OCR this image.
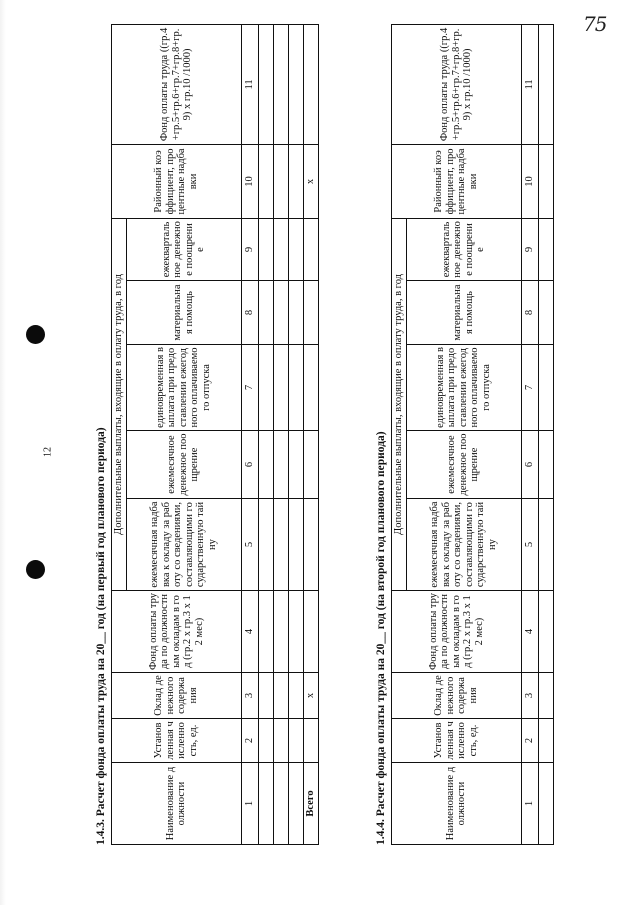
75
12	1.4.3. Расчет фонда оплаты труда на 20__ год (на первый год планового периода)	Наименование должности	Установленная численность, ед.	Оклад денежного содержания	Фонд оплаты труда по должностным окладам в год (гр.2 х гр.3 х 12 мес)	Дополнительные выплаты, входящие в оплату труда, в год					Районный коэффициент, процентные надбавки	Фонд оплаты труда ((гр.4+гр.5+гр.6+гр.7+гр.8+гр.9) х гр.10 /1000)
				ежемесячная надбавка к окладу за работу со сведениями, составляющими государственную тайну	ежемесячное денежное поощрение	единовременная выплата при предоставлении ежегодного оплачиваемого отпуска	материальная помощь	ежеквартальное денежное поощрение		
1	2	3	4	5	6	7	8	9	10	11

Всего		х							х	
1.4.4. Расчет фонда оплаты труда на 20__ год (на второй год планового периода)	Наименование должности	Установленная численность, ед.	Оклад денежного содержания	Фонд оплаты труда по должностным окладам в год (гр.2 х гр.3 х 12 мес)	Дополнительные выплаты, входящие в оплату труда, в год					Районный коэффициент, процентные надбавки	Фонд оплаты труда ((гр.4+гр.5+гр.6+гр.7+гр.8+гр.9) х гр.10 /1000)
				ежемесячная надбавка к окладу за работу со сведениями, составляющими государственную тайну	ежемесячное денежное поощрение	единовременная выплата при предоставлении ежегодного оплачиваемого отпуска	материальная помощь	ежеквартальное денежное поощрение		
1	2	3	4	5	6	7	8	9	10	11
